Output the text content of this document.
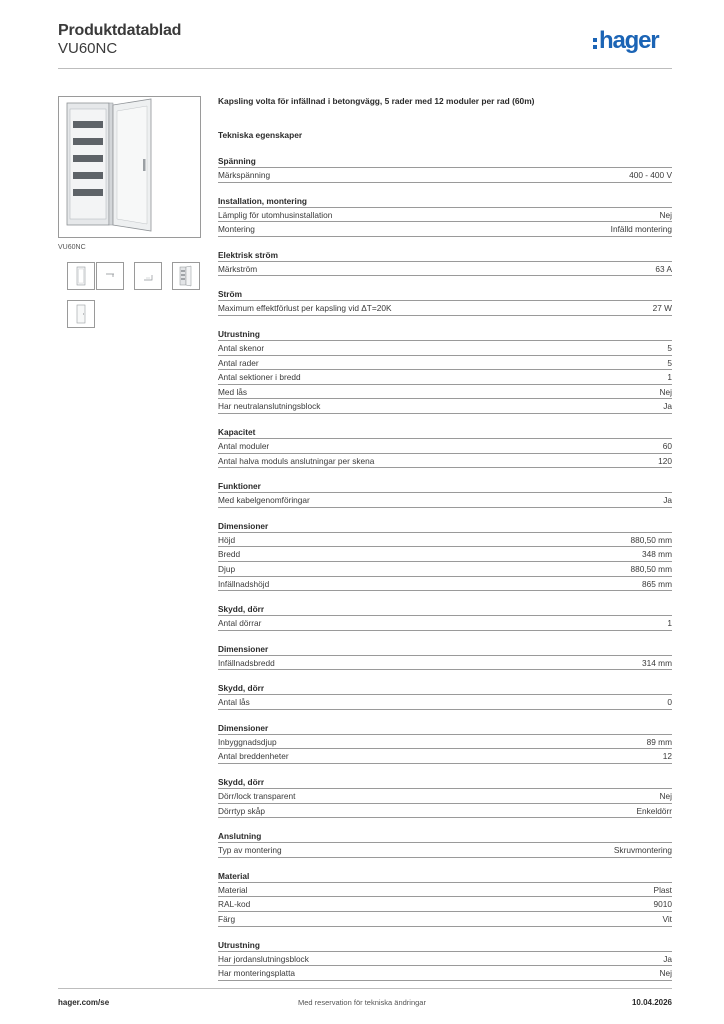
Produktdatablad
VU60NC	hager
VU60NC
Kapsling volta för infällnad i betongvägg, 5 rader med 12 moduler per rad (60m)
Tekniska egenskaper
Spänning
Märkspänning	400 - 400 V
Installation, montering
Lämplig för utomhusinstallation	Nej
Montering	Infälld montering
Elektrisk ström
Märkström	63 A
Ström
Maximum effektförlust per kapsling vid ΔT=20K	27 W
Utrustning
Antal skenor	5
Antal rader	5
Antal sektioner i bredd	1
Med lås	Nej
Har neutralanslutningsblock	Ja
Kapacitet
Antal moduler	60
Antal halva moduls anslutningar per skena	120
Funktioner
Med kabelgenomföringar	Ja
Dimensioner
Höjd	880,50 mm
Bredd	348 mm
Djup	880,50 mm
Infällnadshöjd	865 mm
Skydd, dörr
Antal dörrar	1
Dimensioner
Infällnadsbredd	314 mm
Skydd, dörr
Antal lås	0
Dimensioner
Inbyggnadsdjup	89 mm
Antal breddenheter	12
Skydd, dörr
Dörr/lock transparent	Nej
Dörrtyp skåp	Enkeldörr
Anslutning
Typ av montering	Skruvmontering
Material
Material	Plast
RAL-kod	9010
Färg	Vit
Utrustning
Har jordanslutningsblock	Ja
Har monteringsplatta	Nej
hager.com/se	Med reservation för tekniska ändringar	10.04.2026
